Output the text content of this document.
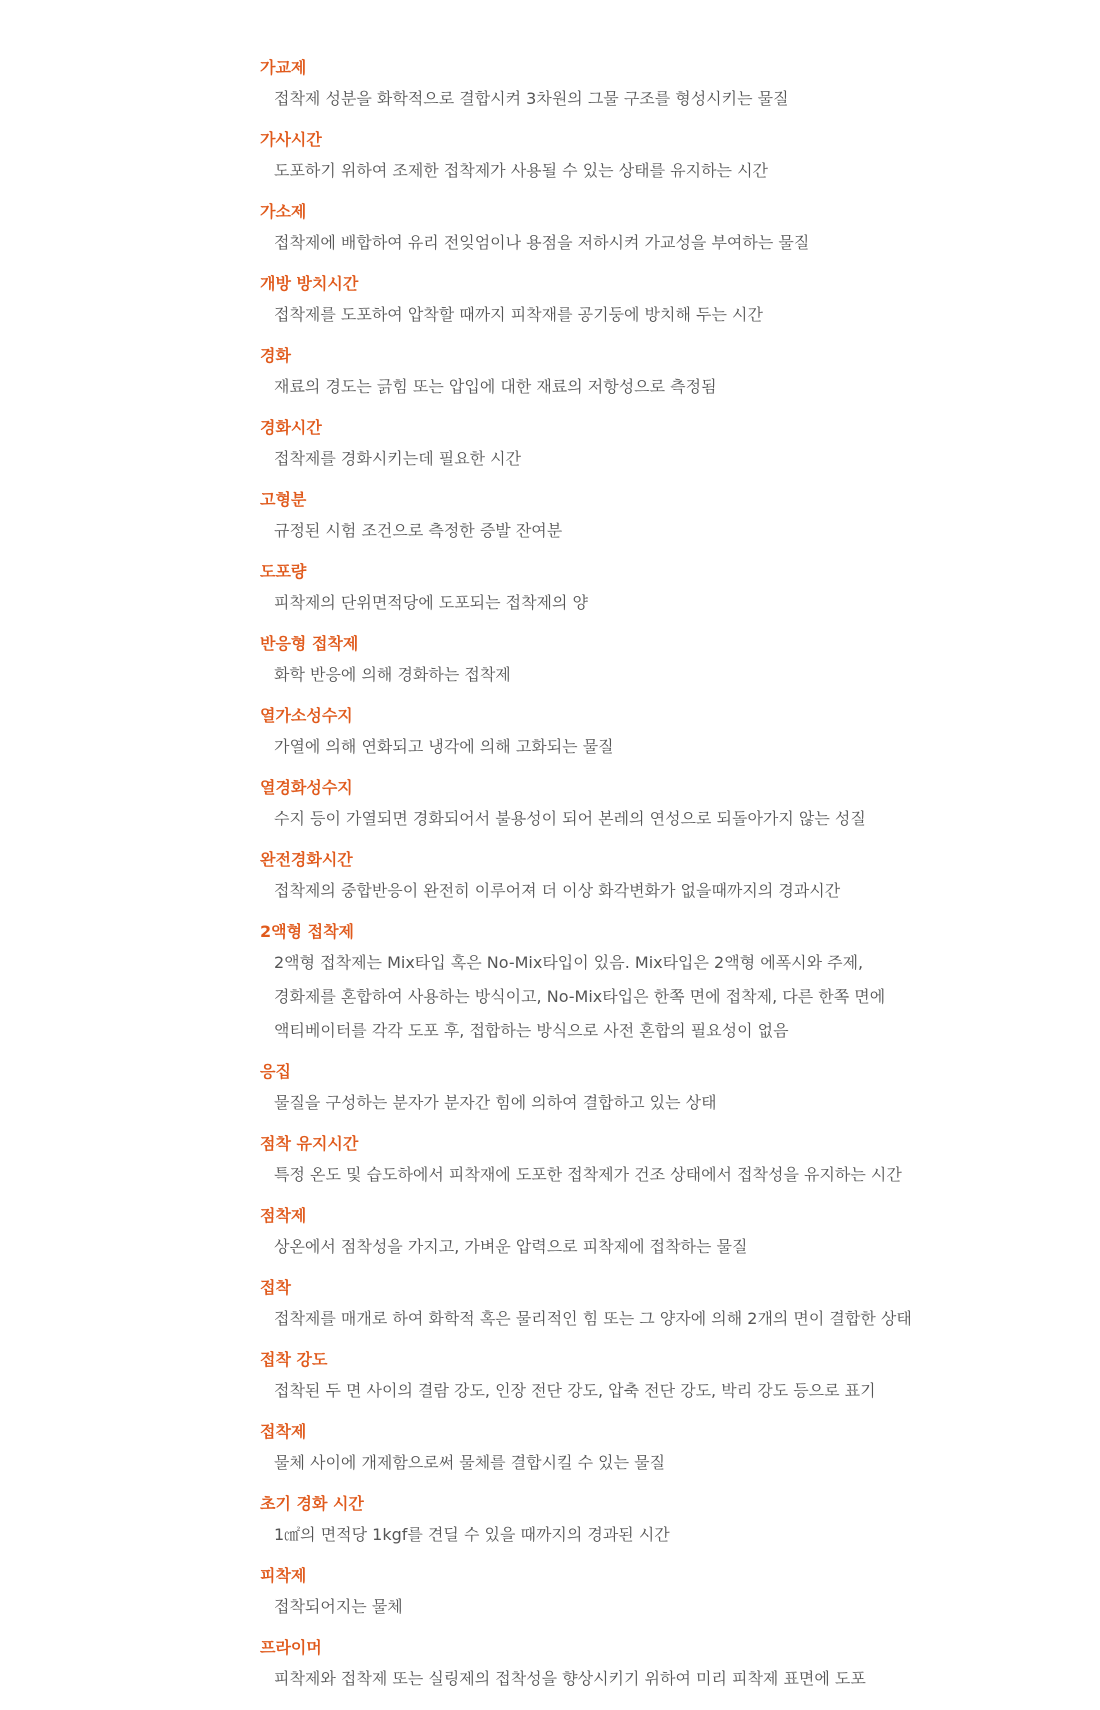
가교제
접착제 성분을 화학적으로 결합시켜 3차원의 그물 구조를 형성시키는 물질
가사시간
도포하기 위하여 조제한 접착제가 사용될 수 있는 상태를 유지하는 시간
가소제
접착제에 배합하여 유리 전잊엄이나 용점을 저하시켜 가교성을 부여하는 물질
개방 방치시간
접착제를 도포하여 압착할 때까지 피착재를 공기둥에 방치해 두는 시간
경화
재료의 경도는 긁힘 또는 압입에 대한 재료의 저항성으로 측정됨
경화시간
접착제를 경화시키는데 필요한 시간
고형분
규정된 시험 조건으로 측정한 증발 잔여분
도포량
피착제의 단위면적당에 도포되는 접착제의 양
반응형 접착제
화학 반응에 의해 경화하는 접착제
열가소성수지
가열에 의해 연화되고 냉각에 의해 고화되는 물질
열경화성수지
수지 등이 가열되면 경화되어서 불용성이 되어 본레의 연성으로 되돌아가지 않는 성질
완전경화시간
접착제의 중합반응이 완전히 이루어져 더 이상 화각변화가 없을때까지의 경과시간
2액형 접착제
2액형 접착제는 Mix타입 혹은 No-Mix타입이 있음. Mix타입은 2액형 에폭시와 주제,
경화제를 혼합하여 사용하는 방식이고, No-Mix타입은 한쪽 면에 접착제, 다른 한쪽 면에
액티베이터를 각각 도포 후, 접합하는 방식으로 사전 혼합의 필요성이 없음
응집
물질을 구성하는 분자가 분자간 힘에 의하여 결합하고 있는 상태
점착 유지시간
특정 온도 및 습도하에서 피착재에 도포한 접착제가 건조 상태에서 접착성을 유지하는 시간
점착제
상온에서 점착성을 가지고, 가벼운 압력으로 피착제에 접착하는 물질
접착
접착제를 매개로 하여 화학적 혹은 물리적인 힘 또는 그 양자에 의해 2개의 면이 결합한 상태
접착 강도
접착된 두 면 사이의 결람 강도, 인장 전단 강도, 압축 전단 강도, 박리 강도 등으로 표기
접착제
물체 사이에 개제함으로써 물체를 결합시킬 수 있는 물질
초기 경화 시간
1㎠의 면적당 1kgf를 견딜 수 있을 때까지의 경과된 시간
피착제
접착되어지는 물체
프라이머
피착제와 접착제 또는 실링제의 접착성을 향상시키기 위하여 미리 피착제 표면에 도포
